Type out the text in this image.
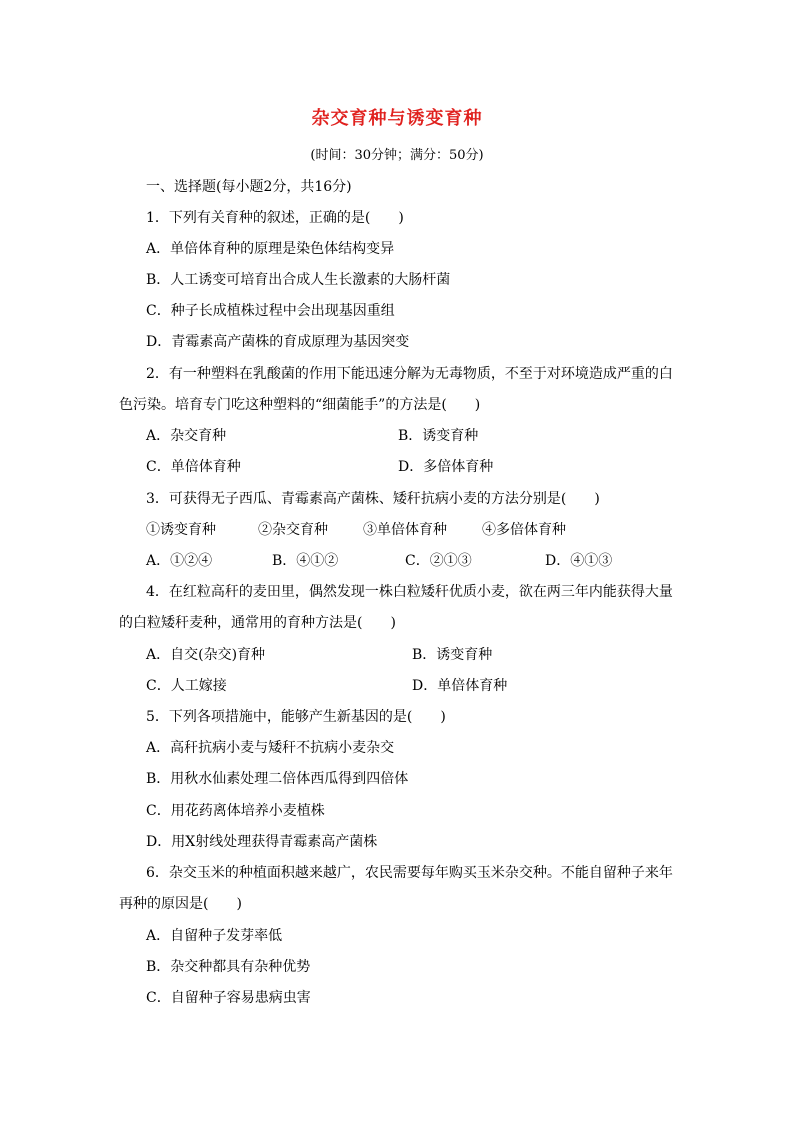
杂交育种与诱变育种
(时间：30分钟；满分：50分)
一、选择题(每小题2分，共16分)
1．下列有关育种的叙述，正确的是(　　)
A．单倍体育种的原理是染色体结构变异
B．人工诱变可培育出合成人生长激素的大肠杆菌
C．种子长成植株过程中会出现基因重组
D．青霉素高产菌株的育成原理为基因突变
2．有一种塑料在乳酸菌的作用下能迅速分解为无毒物质，不至于对环境造成严重的白
色污染。培育专门吃这种塑料的“细菌能手”的方法是(　　)
A．杂交育种	B．诱变育种
C．单倍体育种	D．多倍体育种
3．可获得无子西瓜、青霉素高产菌株、矮秆抗病小麦的方法分别是(　　)
①诱变育种	②杂交育种	③单倍体育种	④多倍体育种
A．①②④	B．④①②	C．②①③	D．④①③
4．在红粒高秆的麦田里，偶然发现一株白粒矮秆优质小麦，欲在两三年内能获得大量
的白粒矮秆麦种，通常用的育种方法是(　　)
A．自交(杂交)育种	B．诱变育种
C．人工嫁接	D．单倍体育种
5．下列各项措施中，能够产生新基因的是(　　)
A．高秆抗病小麦与矮秆不抗病小麦杂交
B．用秋水仙素处理二倍体西瓜得到四倍体
C．用花药离体培养小麦植株
D．用X射线处理获得青霉素高产菌株
6．杂交玉米的种植面积越来越广，农民需要每年购买玉米杂交种。不能自留种子来年
再种的原因是(　　)
A．自留种子发芽率低
B．杂交种都具有杂种优势
C．自留种子容易患病虫害
